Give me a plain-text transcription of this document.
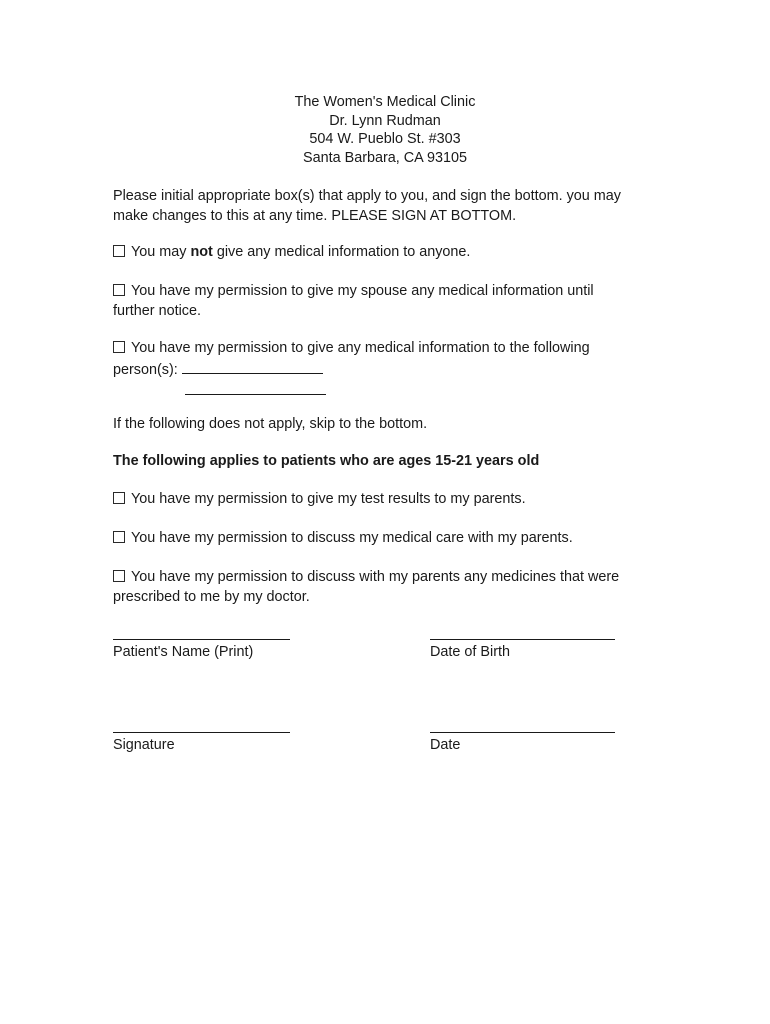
The Women's Medical Clinic
Dr. Lynn Rudman
504 W. Pueblo St. #303
Santa Barbara, CA 93105
Please initial appropriate box(s) that apply to you, and sign the bottom. you may
make changes to this at any time. PLEASE SIGN AT BOTTOM.
You may not give any medical information to anyone.
You have my permission to give my spouse any medical information until
further notice.
You have my permission to give any medical information to the following
person(s):
If the following does not apply, skip to the bottom.
The following applies to patients who are ages 15-21 years old
You have my permission to give my test results to my parents.
You have my permission to discuss my medical care with my parents.
You have my permission to discuss with my parents any medicines that were
prescribed to me by my doctor.
Patient's Name (Print)	Date of Birth
Signature	Date
